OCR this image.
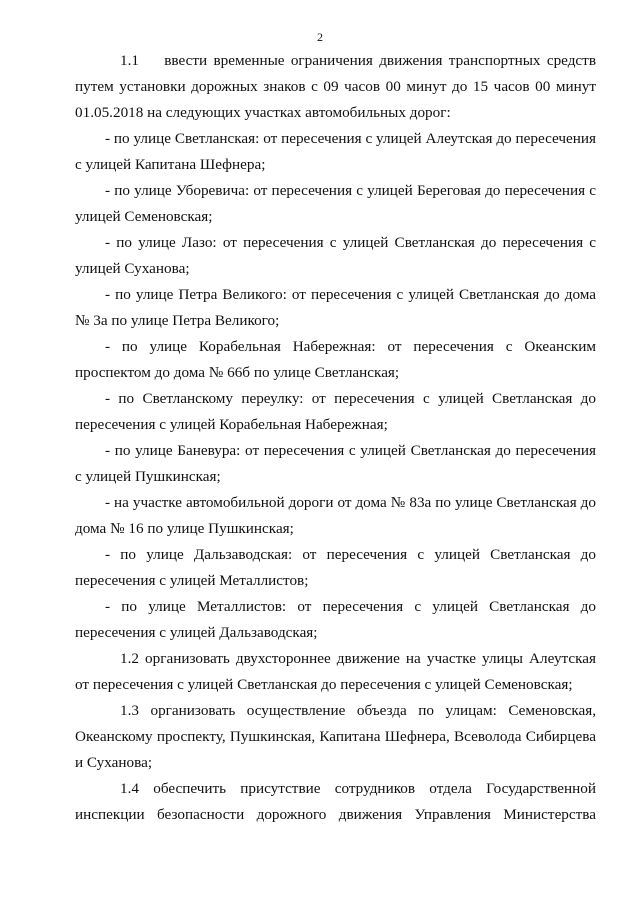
2

1.1    ввести временные ограничения движения транспортных средств путем установки дорожных знаков с 09 часов 00 минут до 15 часов 00 минут 01.05.2018 на следующих участках автомобильных дорог:

- по улице Светланская: от пересечения с улицей Алеутская до пересечения с улицей Капитана Шефнера;

- по улице Уборевича: от пересечения с улицей Береговая до пересечения с улицей Семеновская;

- по улице Лазо: от пересечения с улицей Светланская до пересечения с улицей Суханова;

- по улице Петра Великого: от пересечения с улицей Светланская до дома № 3а по улице Петра Великого;

- по улице Корабельная Набережная: от пересечения с Океанским проспектом до дома № 66б по улице Светланская;

- по Светланскому переулку: от пересечения с улицей Светланская до пересечения с улицей Корабельная Набережная;

- по улице Баневура: от пересечения с улицей Светланская до пересечения с улицей Пушкинская;

- на участке автомобильной дороги от дома № 83а по улице Светланская до дома № 16 по улице Пушкинская;

- по улице Дальзаводская: от пересечения с улицей Светланская до пересечения с улицей Металлистов;

- по улице Металлистов: от пересечения с улицей Светланская до пересечения с улицей Дальзаводская;

1.2 организовать двухстороннее движение на участке улицы Алеутская от пересечения с улицей Светланская до пересечения с улицей Семеновская;

1.3 организовать осуществление объезда по улицам: Семеновская, Океанскому проспекту, Пушкинская, Капитана Шефнера, Всеволода Сибирцева и Суханова;

1.4 обеспечить присутствие сотрудников отдела Государственной инспекции безопасности дорожного движения Управления Министерства
